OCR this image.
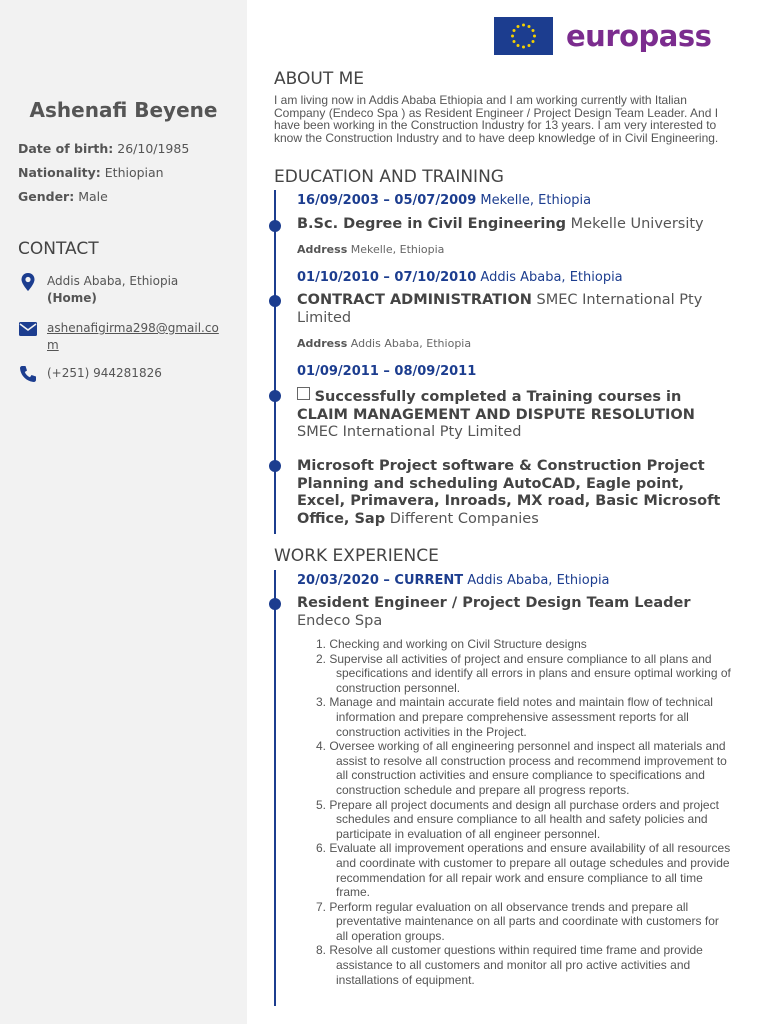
Ashenafi Beyene
Date of birth: 26/10/1985
Nationality: Ethiopian
Gender: Male
CONTACT
Addis Ababa, Ethiopia
(Home)
ashenafigirma298@gmail.co
m
(+251) 944281826
europass
ABOUT ME
I am living now in Addis Ababa Ethiopia and I am working currently with Italian Company (Endeco Spa ) as Resident Engineer / Project Design Team Leader. And I have been working in the Construction Industry for 13 years. I am very interested to know the Construction Industry and to have deep knowledge of in Civil Engineering.
EDUCATION AND TRAINING
16/09/2003 – 05/07/2009 Mekelle, Ethiopia
B.Sc. Degree in Civil Engineering Mekelle University
Address Mekelle, Ethiopia
01/10/2010 – 07/10/2010 Addis Ababa, Ethiopia
CONTRACT ADMINISTRATION SMEC International Pty Limited
Address Addis Ababa, Ethiopia
01/09/2011 – 08/09/2011
Successfully completed a Training courses in CLAIM MANAGEMENT AND DISPUTE RESOLUTION SMEC International Pty Limited
Microsoft Project software & Construction Project Planning and scheduling AutoCAD, Eagle point, Excel, Primavera, Inroads, MX road, Basic Microsoft Office, Sap Different Companies
WORK EXPERIENCE
20/03/2020 – CURRENT Addis Ababa, Ethiopia
Resident Engineer / Project Design Team Leader Endeco Spa
1. Checking and working on Civil Structure designs
2. Supervise all activities of project and ensure compliance to all plans and specifications and identify all errors in plans and ensure optimal working of construction personnel.
3. Manage and maintain accurate field notes and maintain flow of technical information and prepare comprehensive assessment reports for all construction activities in the Project.
4. Oversee working of all engineering personnel and inspect all materials and assist to resolve all construction process and recommend improvement to all construction activities and ensure compliance to specifications and construction schedule and prepare all progress reports.
5. Prepare all project documents and design all purchase orders and project schedules and ensure compliance to all health and safety policies and participate in evaluation of all engineer personnel.
6. Evaluate all improvement operations and ensure availability of all resources and coordinate with customer to prepare all outage schedules and provide recommendation for all repair work and ensure compliance to all time frame.
7. Perform regular evaluation on all observance trends and prepare all preventative maintenance on all parts and coordinate with customers for all operation groups.
8. Resolve all customer questions within required time frame and provide assistance to all customers and monitor all pro active activities and installations of equipment.
